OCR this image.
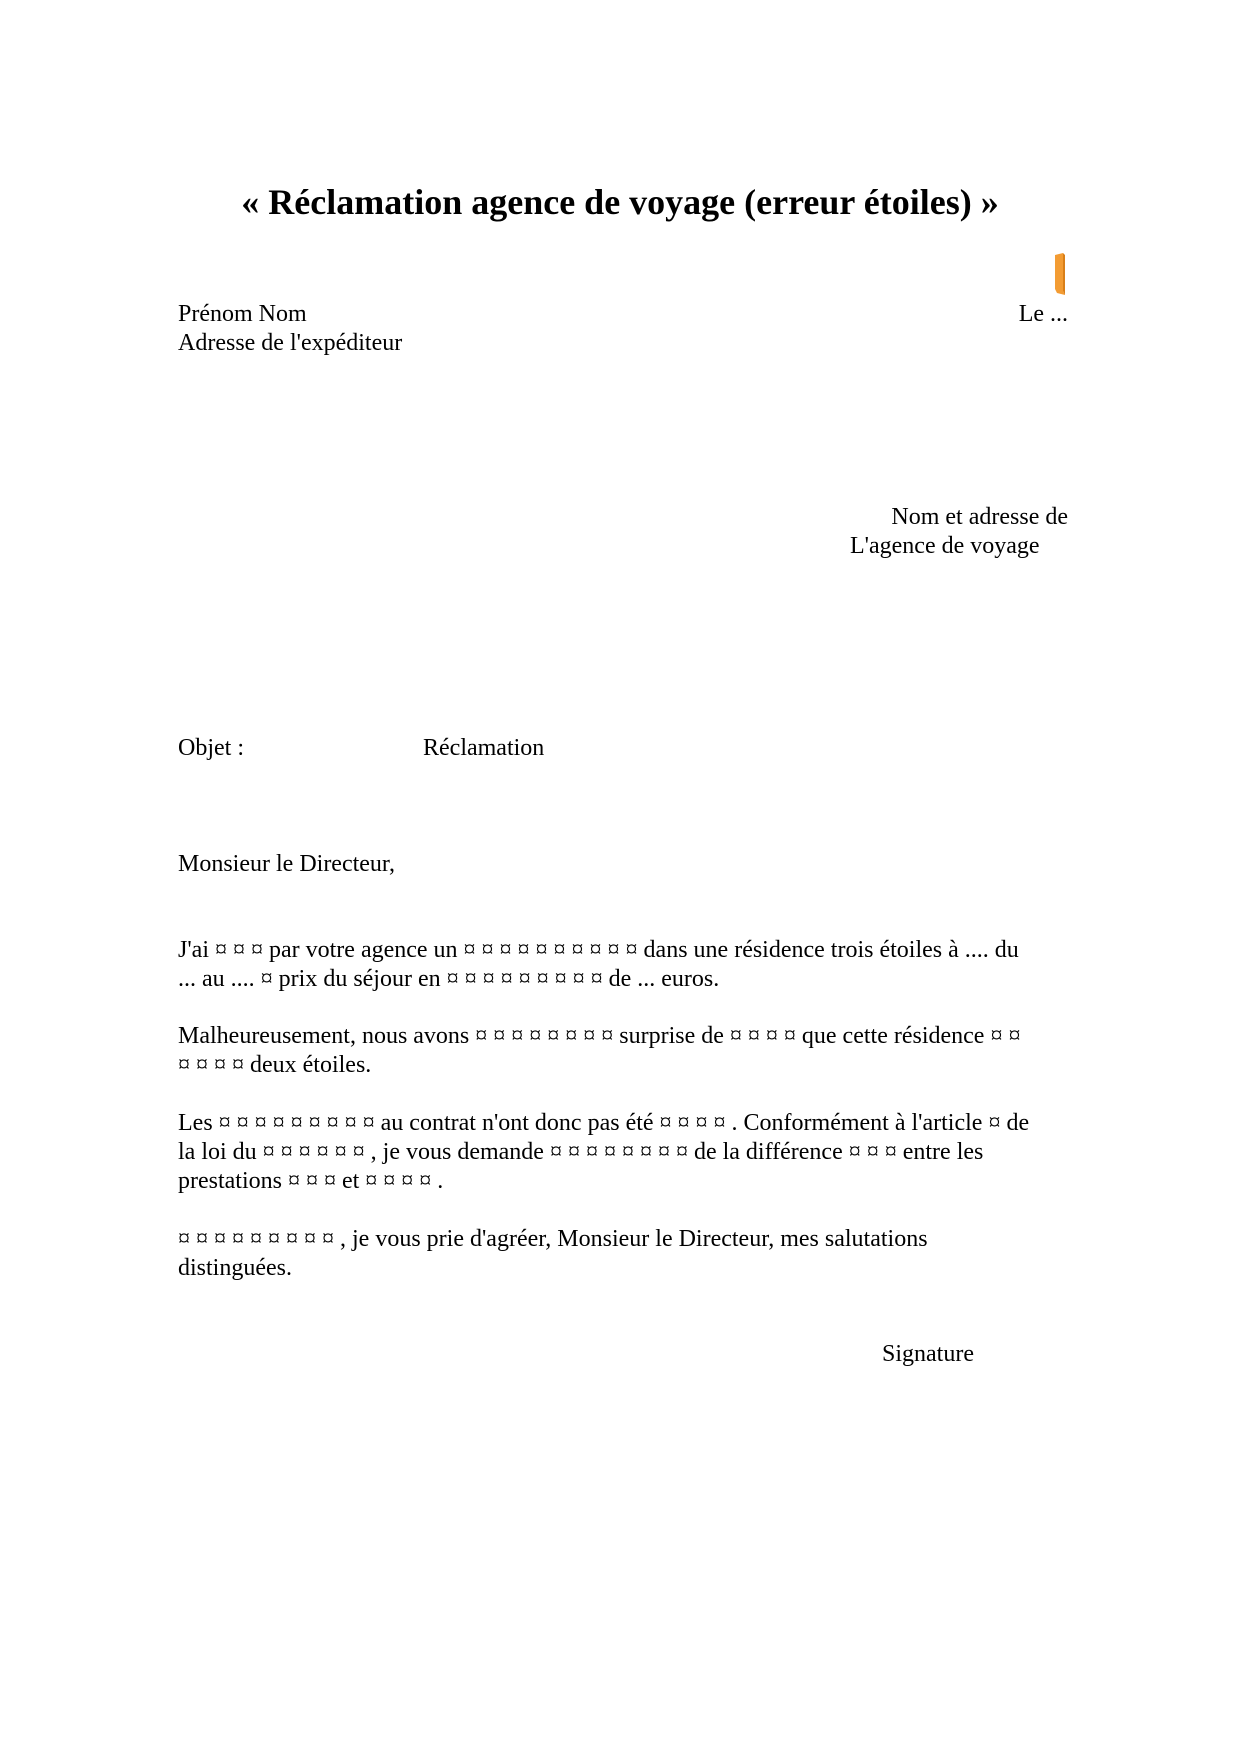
« Réclamation agence de voyage (erreur étoiles) »
Prénom Nom
Adresse de l'expéditeur
Le ...
Nom et adresse de
L'agence de voyage
Objet :	Réclamation
Monsieur le Directeur,
J'ai ¤ ¤ ¤ par votre agence un ¤ ¤ ¤ ¤ ¤ ¤ ¤ ¤ ¤ ¤ dans une résidence trois étoiles à .... du
... au .... ¤ prix du séjour en ¤ ¤ ¤ ¤ ¤ ¤ ¤ ¤ ¤ de ... euros.
Malheureusement, nous avons ¤ ¤ ¤ ¤ ¤ ¤ ¤ ¤ surprise de ¤ ¤ ¤ ¤ que cette résidence ¤ ¤
¤ ¤ ¤ ¤ deux étoiles.
Les ¤ ¤ ¤ ¤ ¤ ¤ ¤ ¤ ¤ au contrat n'ont donc pas été ¤ ¤ ¤ ¤ . Conformément à l'article ¤ de
la loi du ¤ ¤ ¤ ¤ ¤ ¤ , je vous demande ¤ ¤ ¤ ¤ ¤ ¤ ¤ ¤ de la différence ¤ ¤ ¤ entre les
prestations ¤ ¤ ¤ et ¤ ¤ ¤ ¤ .
¤ ¤ ¤ ¤ ¤ ¤ ¤ ¤ ¤ , je vous prie d'agréer, Monsieur le Directeur, mes salutations
distinguées.
Signature
